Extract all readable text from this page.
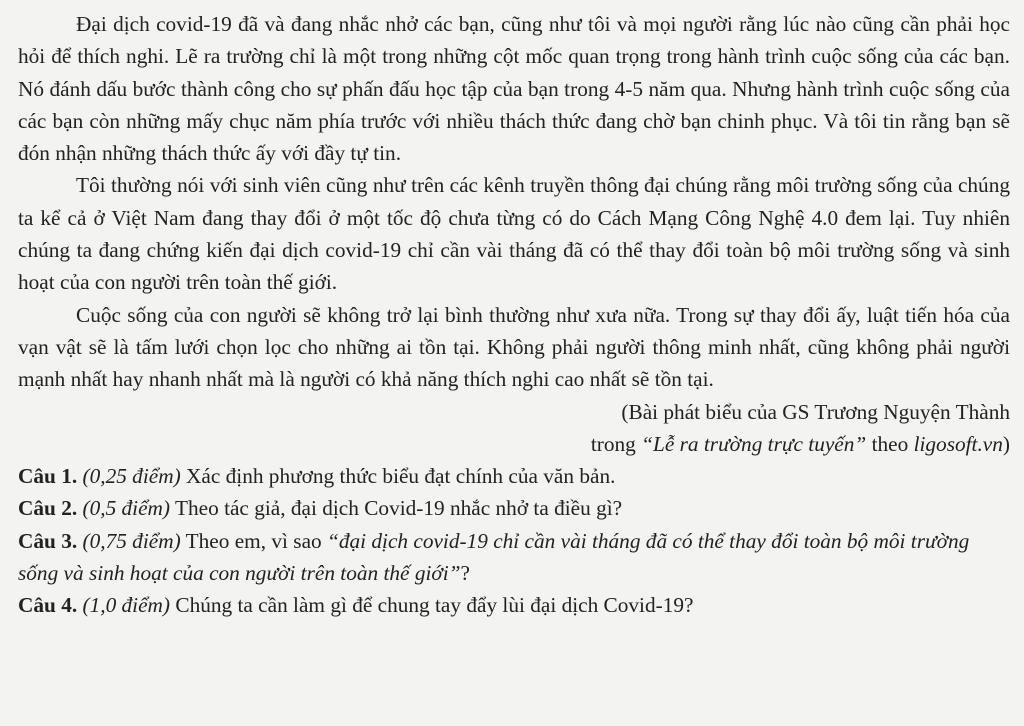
Đại dịch covid-19 đã và đang nhắc nhở các bạn, cũng như tôi và mọi người rằng lúc nào cũng cần phải học hỏi để thích nghi. Lẽ ra trường chỉ là một trong những cột mốc quan trọng trong hành trình cuộc sống của các bạn. Nó đánh dấu bước thành công cho sự phấn đấu học tập của bạn trong 4-5 năm qua. Nhưng hành trình cuộc sống của các bạn còn những mấy chục năm phía trước với nhiều thách thức đang chờ bạn chinh phục. Và tôi tin rằng bạn sẽ đón nhận những thách thức ấy với đầy tự tin.

Tôi thường nói với sinh viên cũng như trên các kênh truyền thông đại chúng rằng môi trường sống của chúng ta kể cả ở Việt Nam đang thay đổi ở một tốc độ chưa từng có do Cách Mạng Công Nghệ 4.0 đem lại. Tuy nhiên chúng ta đang chứng kiến đại dịch covid-19 chỉ cần vài tháng đã có thể thay đổi toàn bộ môi trường sống và sinh hoạt của con người trên toàn thế giới.

Cuộc sống của con người sẽ không trở lại bình thường như xưa nữa. Trong sự thay đổi ấy, luật tiến hóa của vạn vật sẽ là tấm lưới chọn lọc cho những ai tồn tại. Không phải người thông minh nhất, cũng không phải người mạnh nhất hay nhanh nhất mà là người có khả năng thích nghi cao nhất sẽ tồn tại.

(Bài phát biểu của GS Trương Nguyện Thành
trong “Lễ ra trường trực tuyến” theo ligosoft.vn)
Câu 1. (0,25 điểm) Xác định phương thức biểu đạt chính của văn bản.
Câu 2. (0,5 điểm) Theo tác giả, đại dịch Covid-19 nhắc nhở ta điều gì?
Câu 3. (0,75 điểm) Theo em, vì sao “đại dịch covid-19 chỉ cần vài tháng đã có thể thay đổi toàn bộ môi trường sống và sinh hoạt của con người trên toàn thế giới”?
Câu 4. (1,0 điểm) Chúng ta cần làm gì để chung tay đẩy lùi đại dịch Covid-19?
